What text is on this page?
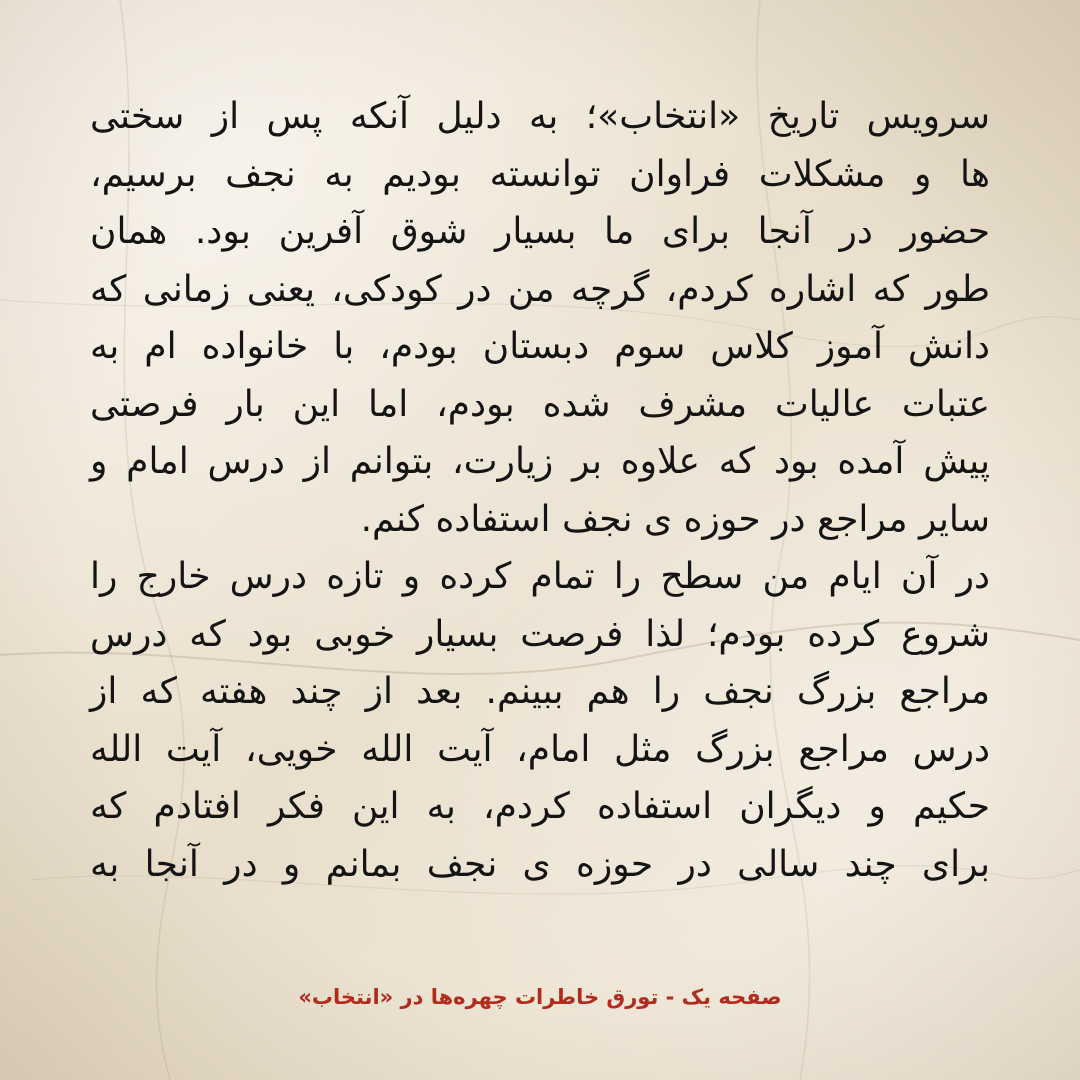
سرویس تاریخ «انتخاب»؛ به دلیل آنکه پس از سختی
ها و مشکلات فراوان توانسته بودیم به نجف برسیم،
حضور در آنجا برای ما بسیار شوق آفرین بود. همان
طور که اشاره کردم، گرچه من در کودکی، یعنی زمانی که
دانش آموز کلاس سوم دبستان بودم، با خانواده ام به
عتبات عالیات مشرف شده بودم، اما این بار فرصتی
پیش آمده بود که علاوه بر زیارت، بتوانم از درس امام و
سایر مراجع در حوزه ی نجف استفاده کنم.
در آن ایام من سطح را تمام کرده و تازه درس خارج را
شروع کرده بودم؛ لذا فرصت بسیار خوبی بود که درس
مراجع بزرگ نجف را هم ببینم. بعد از چند هفته که از
درس مراجع بزرگ مثل امام، آیت الله خویی، آیت الله
حکیم و دیگران استفاده کردم، به این فکر افتادم که
برای چند سالی در حوزه ی نجف بمانم و در آنجا به
صفحه یک - تورق خاطرات چهره‌ها در «انتخاب»
